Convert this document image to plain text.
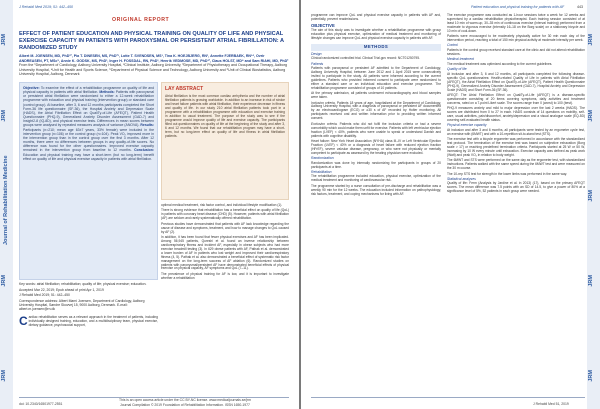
Journal of Rehabilitation Medicine
JRM
JRM
JRM
JRM
J Rehabil Med 2019; 51: 442–450
ORIGINAL REPORT
EFFECT OF PATIENT EDUCATION AND PHYSICAL TRAINING ON QUALITY OF LIFE AND PHYSICAL EXERCISE CAPACITY IN PATIENTS WITH PAROXYSMAL OR PERSISTENT ATRIAL FIBRILLATION: A RANDOMIZED STUDY
Albert M. JOENSEN, MD, PhD¹², Pia T. DINESEN, MS, PhD²³, Lotte T. SVENDSEN, MS³, Tina K. HOEJBJERG, RN¹, Annette FJERBAEK, RN³⁴, Ovrir ANDREASEN, PT, MSc⁵, Annie K. GODSK, MS, PhD¹, Inger H. FOSSDAL, RN, PhD¹, Henrik VEDMOSE, MD, PhD¹², Claus HOLST, MD⁶ and Sam RIAHI, MD, PhD²
From the ¹Department of Cardiology, Aalborg University Hospital, ²Clinical Institute, Aalborg University, ³Department of Physiotherapy and Occupational Therapy, Aalborg University Hospital, ⁴Unit for Health and Sports Science, ⁵Department of Physical Science and Technology, Aalborg University and ⁶Unit of Clinical Biostatistics, Aalborg University Hospital, Aalborg, Denmark

Objective: To examine the effect of a rehabilitation programme on quality of life and physical capacity in patients with atrial fibrillation. Methods: Patients with paroxysmal or persistent atrial fibrillation were randomized to either a 12-week rehabilitation programme with education and physical training (intervention group) or standard care (control group). At baseline, after 3, 6 and 12 months participants completed the Short Form-36 life questionnaire (SF-36), the Hospital Anxiety and Depression Scale (HADS), the Atrial Fibrillation Effect on QualiTy-of-Life (AFEQT), Patient Health Questionnaire (PHQ-9), Generalized Anxiety Disorder Assessment (GAD-7) and Insight2-8 (IQ-8D), and physical exercise tests. Differences in mean scores between groups were analysed by repeated measures analysis of variance (ANOVA). Results: Participants (n=210; mean age 63±7 years, 33% female) were included in the intervention group (n=106) or the control group (n=104). Peak VO₂ improved more in the intervention group than in the control group over the first 3 months. After 12 months, there were no differences between groups in any quality-of-life scores. No difference was found for the other questionnaires. Improved exercise capacity remained in the intervention group from baseline to 12 months. Conclusion: Education and physical training may have a short-term (but no long-term) benefit effect on quality of life and physical exercise capacity in patients with atrial fibrillation.

LAY ABSTRACT

Atrial fibrillation is the most common cardiac arrhythmia and the number of atrial fibrillation patients is growing worldwide. In addition to an increase in risk of stroke and heart failure patients with atrial fibrillation, their experience decrease in fitness and quality of life. In our study 210 atrial fibrillation patients took part in a programme with a rehabilitation programme with education and exercise training in addition to usual treatment. The purpose of the study was to see if the programme would improve quality of life and exercise capacity. The participants filled out questionnaires on quality of life at the beginning of the study and after 3, 6 and 12 months. We found that our rehabilitation program may have a short-term, but no long-term effect on quality of life and fitness in atrial fibrillation patients.

optimal medical treatment, risk factor control, and individual lifestyle modification (1).

There is strong evidence that rehabilitation has a beneficial effect on quality of life (QoL) in patients with coronary heart disease (CHD) (5). However, patients with atrial fibrillation (AF) are seldom and rarely systematically offered rehabilitation.

Previous studies have demonstrated that patients with AF lack knowledge regarding the cause of disease and symptoms, treatment, and how to manage changes to QoL caused by AF (2).

In addition, it has been found that fewer physical exercises and AF has been implicated. Among 56,945 patients, Qureshi et al. found an inverse relationship between cardiorespiratory fitness and incident AF, especially in obese subjects who had more exercise treadmill testing (3). In 629 obese patients with AF, Pathak et al. demonstrated a lower burden of AF in patients who lost weight and improved their cardiorespiratory fitness (4, 5). Pathak et al. also demonstrated a beneficial effect of systematic risk factor management on the long-term success of AF ablation (6). Randomized studies on patients with paroxysmal/persistent AF have demonstrated beneficial effects of physical exercise on physical capacity, AF symptoms and QoL (7–11).

The prevalence of physical training for AF is low, and it is important to investigate whether a rehabilitation

Key words: atrial fibrillation; rehabilitation; quality of life; physical exercise; education.
Accepted Mar 22, 2019; Epub ahead of print Apr 1, 2019
J Rehabil Med 2019; 51: 442–450
Correspondence address: Albert Marni Joensen, Department of Cardiology, Aalborg University Hospital, Søndre Skovvej 15, 9000 Aalborg, Denmark. E-mail: albert.m.joensen@rn.dk

Cardiac rehabilitation serves as a relevant approach in the treatment of patients, including individually designed training, education, and a multidisciplinary team, physical exercise, dietary guidance, psychosocial support,

doi: 10.2340/16501977-2551
This is an open access article under the CC BY-NC license. www.medicaljournals.se/jrm
Journal Compilation © 2019 Foundation of Rehabilitation Information. ISSN 1650-1977
JRM
JRM
JRM
JRM
JRM
Patient education and physical training for patients with AF	443

programme can improve QoL and physical exercise capacity in patients with AF and, potentially, prevent readmissions.

OBJECTIVE

The aim of this study was to investigate whether a rehabilitation programme with group education plus physical exercise, optimization of medical treatment and monitoring of lifestyle changes can improve QoL and physical exercise capacity in patients with AF.

METHODS
Design

Clinical randomized controlled trial. Clinical Trial.gov record: NCT01250795.

Patients

Patients with paroxysmal or persistent AF admitted to the Department of Cardiology, Aalborg University Hospital, between June 2012 and 1 April 2015 were consecutively invited to participate in the study. All patients were informed according to the current guidelines. Patients who provided informed consent to participate were randomized to either a standard care or an individual education and exercise programme. The rehabilitation programme consisted of groups of 10 patients.

At the primary admission, all patients underwent echocardiography and blood samples were taken.

Inclusion criteria. Patients 18 years of age, hospitalized at the Department of Cardiology, Aalborg University Hospital, with a diagnosis of paroxysmal or persistent AF documented by an electrocardiogram (ECG) or ≥30 s of AF recorded by Holter monitoring. All participants received oral and written information prior to providing written informed consent.

Exclusion criteria. Patients who did not fulfil the inclusion criteria or had a severe comorbidity which could make them unfit for exercise. Patients with left ventricular ejection fraction (LVEF) < 40%, patients who were unable to speak or understand Danish and patients with cognitive disability.

Heart failure: New York Heart Association (NYHA) class III–IV or Left Ventricular Ejection Fraction (LVEF) < 40% or a diagnosis of heart failure with reduced ejection fraction (HFrEF), severe valvular disease, pregnancy, or who were not physically or mentally competent to participate as assessed by the treating physician were excluded.

Randomization

Randomization was done by internally randomizing the participants in groups of 20 participants at a time.

Rehabilitation

The rehabilitation programme included education, physical exercise, optimization of the medical treatment and monitoring of cardiovascular risk.

The programme started by a nurse consultation of pre-discharge and rehabilitation was a weekly 90 min for the 12 weeks. The education included information on pathophysiology, risk factors, treatment, and coping mechanisms for living with AF.

The exercise programme was conducted as 1-hour sessions twice a week for 12 weeks and supervised by a cardiac rehabilitation physiotherapist. Each training session consisted of at least 10 min of warm-up, 30–35 min of continuous exercise (interval training) performed from a moderate to vigorous exercise (intensity 16–18 on the Borg scale) on a stationary bicycle and 10 min of cool-down.

Patients were encouraged to be moderately physically active for 30 min each day of the intervention period, reaching a total of 150 min physical activity at moderate intensity per week.

Control

Patients in the control group received standard care at the clinic and did not attend rehabilitation sessions.

Medical treatment

The medical treatment was optimized according to the current guidelines.

Quality of life

At inclusion and after 3, 6 and 12 months, all participants completed the following disease-specific QoL questionnaires: Health-related Quality of Life in patients with Atrial Fibrillation (AFEQT), the Atrial Fibrillation Effect on QualiTy-of-Life (AFEQT), Patient Health Questionnaire (PHQ-9), Generalized Anxiety Disorder Assessment (GAD-7), Hospital Anxiety and Depression Scale (HADS) and Short Form-36 (SF-36).

AFEQT: The Atrial Fibrillation Effect on QualiTy-of-Life (AFEQT) is a disease-specific questionnaire consisting of 20 items covering symptoms, daily activities and treatment concerns, rated on a 7-point Likert scale. The scores range from 0 (worst) to 100 (best).

PHQ-9 measures anxiety and mild to major depression over the last 2 weeks (HADS). The scores are distributed from 0 to 27 in each. HADS consists of 14 questions on mobility, self-care, usual activities, pain/discomfort, anxiety/depression and a visual analogue scale (EQ-5D) covering self-evaluated health status.

Physical exercise capacity

At inclusion and after 3 and 6 months, all participants were tested by an ergometer cycle test, an exercise with (6MWT) and with a 10-repetition sit-to-stand test (STS).

The exercise test with a bicycle ergometer was performed in accordance with the standardized test protocol. The termination of the exercise test was based on subjective exhaustion (Borg scale > 17) or reaching predefined termination criteria. Participants started at 25 W or 50 W, increasing by 10 W every minute until exhaustion. Exercise capacity was defined as peak work (Watt) and peak VO₂ in relation to body weight.

The 6MWT and STS were performed on the same day as the ergometer test, with standardized instructions. Patients walked with the same speed during the 6MWT test and were measured on the 30 m course.

The 10-rep STS test for strength in the lower limbs was performed in the same way.

Statistical analyses

Quality of life: Ferm (Analysis by Jardine et al. in 2013) (17), based on the primary AFEQT scores. The mean difference was 7.5 points with an SD of 14.5, to give a power of 80% at a significance level of 5%, 52 patients in each group were needed.

J Rehabil Med 51, 2019
